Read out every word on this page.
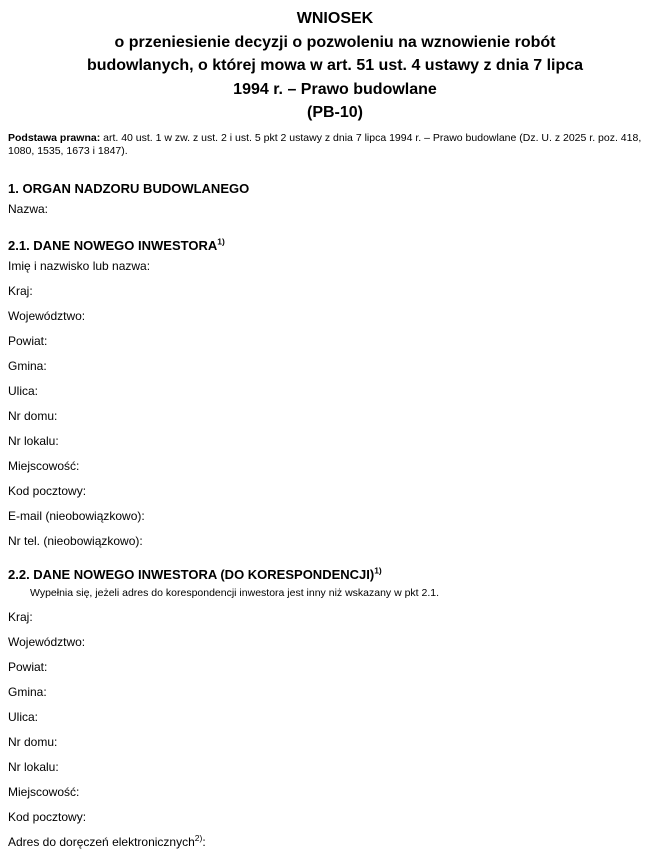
WNIOSEK
o przeniesienie decyzji o pozwoleniu na wznowienie robót
budowlanych, o której mowa w art. 51 ust. 4 ustawy z dnia 7 lipca
1994 r. – Prawo budowlane
(PB-10)

Podstawa prawna: art. 40 ust. 1 w zw. z ust. 2 i ust. 5 pkt 2 ustawy z dnia 7 lipca 1994 r. – Prawo budowlane (Dz. U. z 2025 r. poz. 418, 1080, 1535, 1673 i 1847).

1. ORGAN NADZORU BUDOWLANEGO

Nazwa:

2.1. DANE NOWEGO INWESTORA$^{1)}$

Imię i nazwisko lub nazwa:

Kraj:

Województwo:

Powiat:

Gmina:

Ulica:

Nr domu:

Nr lokalu:

Miejscowość:

Kod pocztowy:

E-mail (nieobowiązkowo):

Nr tel. (nieobowiązkowo):

2.2. DANE NOWEGO INWESTORA (DO KORESPONDENCJI)$^{1)}$

Wypełnia się, jeżeli adres do korespondencji inwestora jest inny niż wskazany w pkt 2.1.

Kraj:

Województwo:

Powiat:

Gmina:

Ulica:

Nr domu:

Nr lokalu:

Miejscowość:

Kod pocztowy:

Adres do doręczeń elektronicznych$^{2)}$:
